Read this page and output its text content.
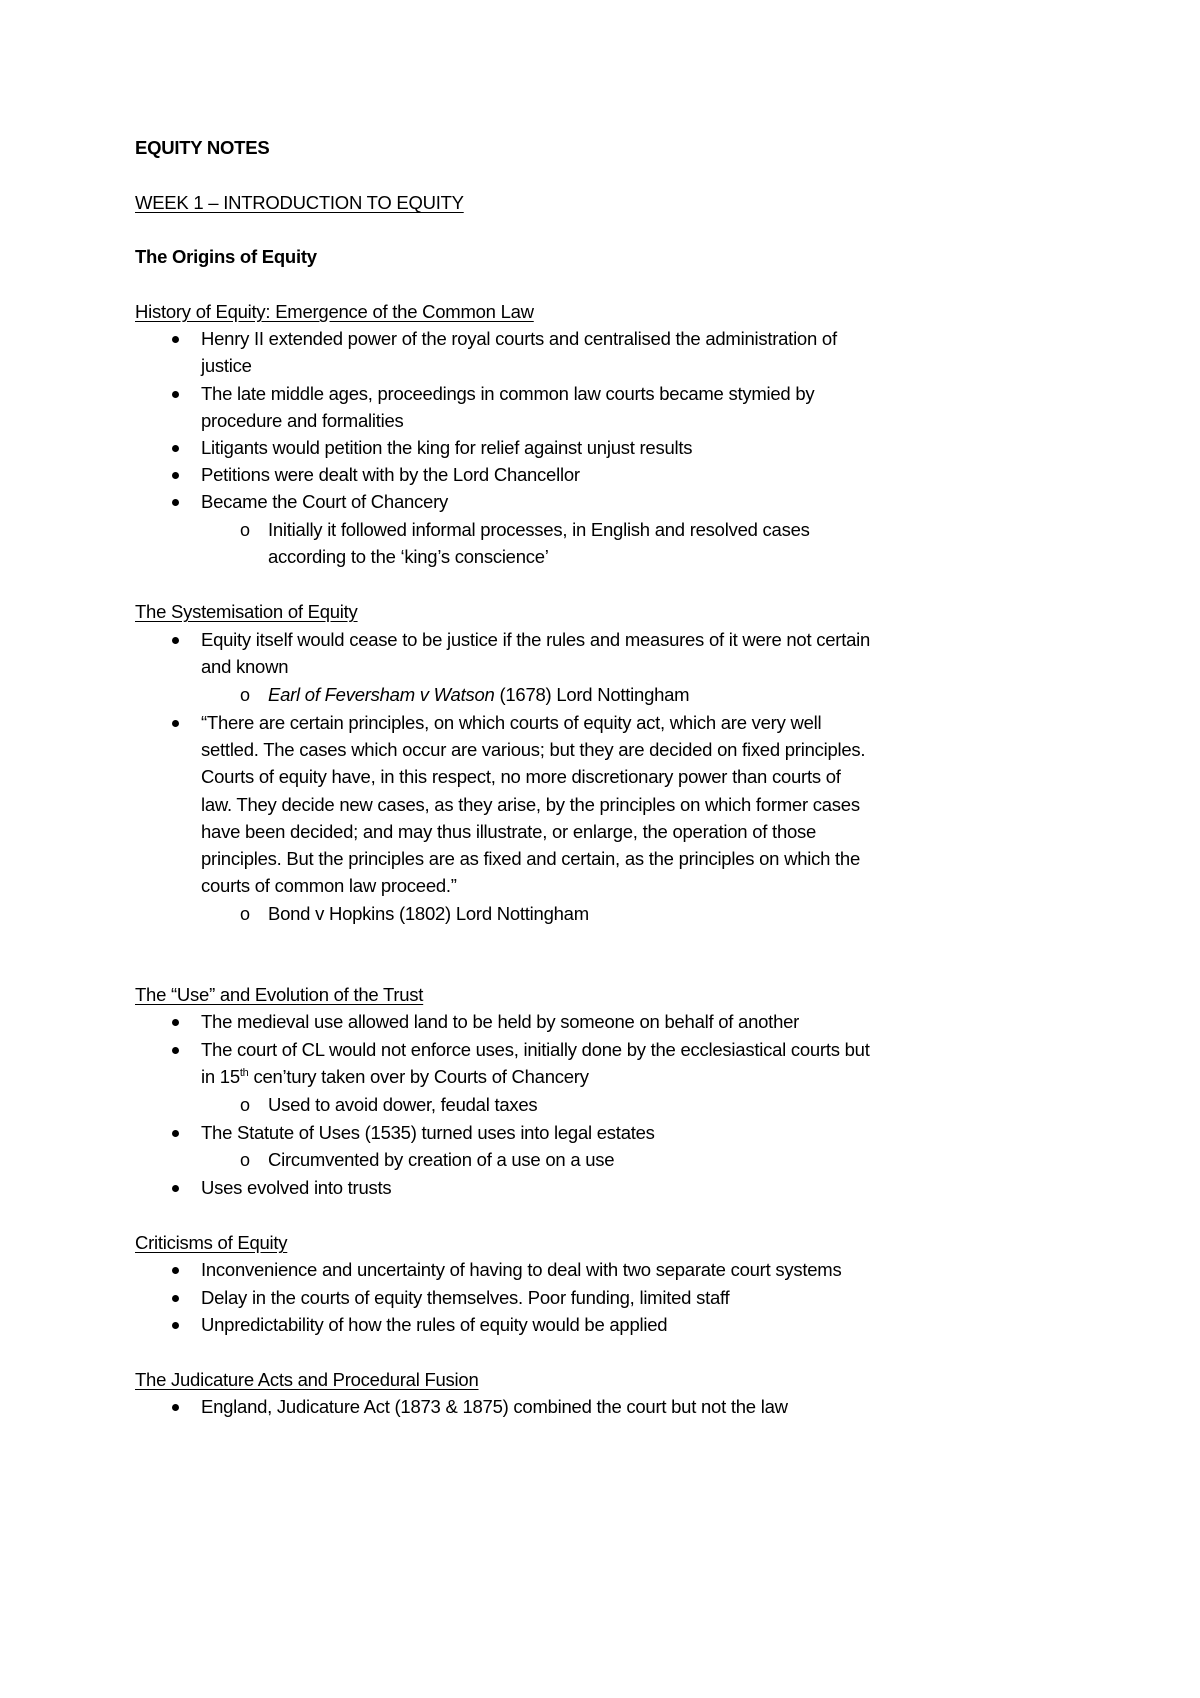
EQUITY NOTES
WEEK 1 – INTRODUCTION TO EQUITY
The Origins of Equity
History of Equity: Emergence of the Common Law
Henry II extended power of the royal courts and centralised the administration of
justice
The late middle ages, proceedings in common law courts became stymied by
procedure and formalities
Litigants would petition the king for relief against unjust results
Petitions were dealt with by the Lord Chancellor
Became the Court of Chancery
o Initially it followed informal processes, in English and resolved cases
according to the ‘king’s conscience’
The Systemisation of Equity
Equity itself would cease to be justice if the rules and measures of it were not certain
and known
o Earl of Feversham v Watson (1678) Lord Nottingham
“There are certain principles, on which courts of equity act, which are very well
settled. The cases which occur are various; but they are decided on fixed principles.
Courts of equity have, in this respect, no more discretionary power than courts of
law. They decide new cases, as they arise, by the principles on which former cases
have been decided; and may thus illustrate, or enlarge, the operation of those
principles. But the principles are as fixed and certain, as the principles on which the
courts of common law proceed.”
o Bond v Hopkins (1802) Lord Nottingham
The “Use” and Evolution of the Trust
The medieval use allowed land to be held by someone on behalf of another
The court of CL would not enforce uses, initially done by the ecclesiastical courts but
in 15th cen’tury taken over by Courts of Chancery
o Used to avoid dower, feudal taxes
The Statute of Uses (1535) turned uses into legal estates
o Circumvented by creation of a use on a use
Uses evolved into trusts
Criticisms of Equity
Inconvenience and uncertainty of having to deal with two separate court systems
Delay in the courts of equity themselves. Poor funding, limited staff
Unpredictability of how the rules of equity would be applied
The Judicature Acts and Procedural Fusion
England, Judicature Act (1873 & 1875) combined the court but not the law
